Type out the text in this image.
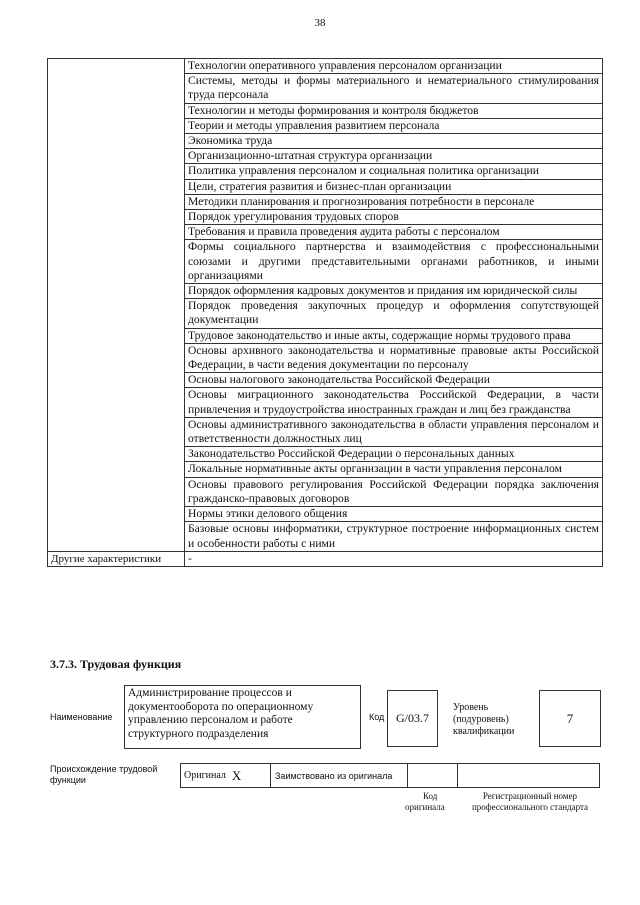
38
	Технологии оперативного управления персоналом организации
	Системы, методы и формы материального и нематериального стимулирования труда персонала
	Технологии и методы формирования и контроля бюджетов
	Теории и методы управления развитием персонала
	Экономика труда
	Организационно-штатная структура организации
	Политика управления персоналом и социальная политика организации
	Цели, стратегия развития и бизнес-план организации
	Методики планирования и прогнозирования потребности в персонале
	Порядок урегулирования трудовых споров
	Требования и правила проведения аудита работы с персоналом
	Формы социального партнерства и взаимодействия с профессиональными союзами и другими представительными органами работников, и иными организациями
	Порядок оформления кадровых документов и придания им юридической силы
	Порядок проведения закупочных процедур и оформления сопутствующей документации
	Трудовое законодательство и иные акты, содержащие нормы трудового права
	Основы архивного законодательства и нормативные правовые акты Российской Федерации, в части ведения документации по персоналу
	Основы налогового законодательства Российской Федерации
	Основы миграционного законодательства Российской Федерации, в части привлечения и трудоустройства иностранных граждан и лиц без гражданства
	Основы административного законодательства в области управления персоналом и ответственности должностных лиц
	Законодательство Российской Федерации о персональных данных
	Локальные нормативные акты организации в части управления персоналом
	Основы правового регулирования Российской Федерации порядка заключения гражданско-правовых договоров
	Нормы этики делового общения
	Базовые основы информатики, структурное построение информационных систем и особенности работы с ними
Другие характеристики	-
3.7.3. Трудовая функция
Наименование
Администрирование процессов и документооборота по операционному управлению персоналом и работе структурного подразделения
Код G/03.7
Уровень (подуровень) квалификации
7
Происхождение трудовой функции	Оригинал X	Заимствовано из оригинала
Код	Регистрационный номер профессионального стандарта
оригинала
